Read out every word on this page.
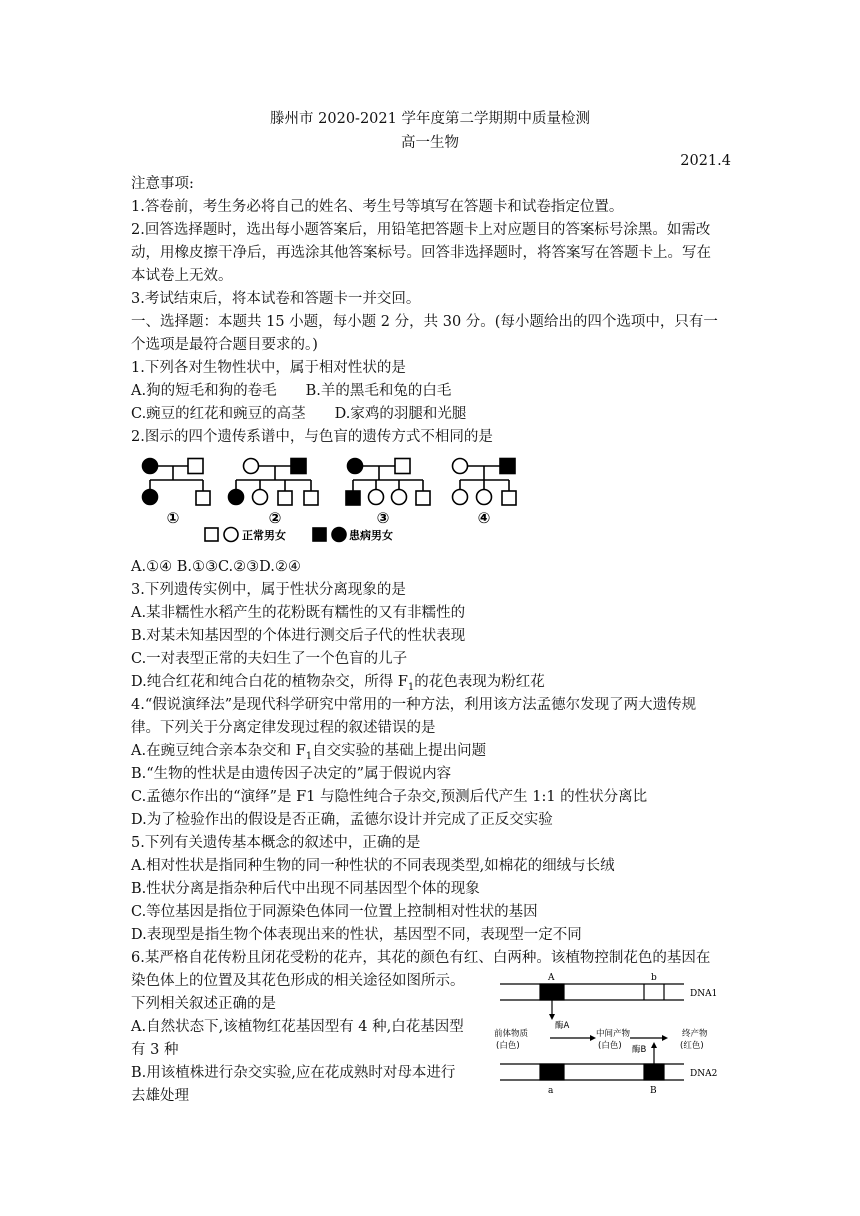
滕州市 2020-2021 学年度第二学期期中质量检测
高一生物
2021.4
注意事项:
1.答卷前，考生务必将自己的姓名、考生号等填写在答题卡和试卷指定位置。
2.回答选择题时，选出每小题答案后，用铅笔把答题卡上对应题目的答案标号涂黑。如需改
动，用橡皮擦干净后，再选涂其他答案标号。回答非选择题时，将答案写在答题卡上。写在
本试卷上无效。
3.考试结束后，将本试卷和答题卡一并交回。
一、选择题：本题共 15 小题，每小题 2 分，共 30 分。(每小题给出的四个选项中，只有一
个选项是最符合题目要求的。)
1.下列各对生物性状中，属于相对性状的是
A.狗的短毛和狗的卷毛　　B.羊的黑毛和兔的白毛
C.豌豆的红花和豌豆的高茎　　D.家鸡的羽腿和光腿
2.图示的四个遗传系谱中，与色盲的遗传方式不相同的是
①	②	③	④
正常男女	患病男女
A.①④ B.①③C.②③D.②④
3.下列遗传实例中，属于性状分离现象的是
A.某非糯性水稻产生的花粉既有糯性的又有非糯性的
B.对某未知基因型的个体进行测交后子代的性状表现
C.一对表型正常的夫妇生了一个色盲的儿子
D.纯合红花和纯合白花的植物杂交，所得 $F_1$的花色表现为粉红花
4.“假说演绎法”是现代科学研究中常用的一种方法，利用该方法孟德尔发现了两大遗传规
律。下列关于分离定律发现过程的叙述错误的是
A.在豌豆纯合亲本杂交和 $F_1$自交实验的基础上提出问题
B.“生物的性状是由遗传因子决定的”属于假说内容
C.孟德尔作出的“演绎”是 F1 与隐性纯合子杂交,预测后代产生 1:1 的性状分离比
D.为了检验作出的假设是否正确，孟德尔设计并完成了正反交实验
5.下列有关遗传基本概念的叙述中，正确的是
A.相对性状是指同种生物的同一种性状的不同表现类型,如棉花的细绒与长绒
B.性状分离是指杂种后代中出现不同基因型个体的现象
C.等位基因是指位于同源染色体同一位置上控制相对性状的基因
D.表现型是指生物个体表现出来的性状，基因型不同，表现型一定不同
6.某严格自花传粉且闭花受粉的花卉，其花的颜色有红、白两种。该植物控制花色的基因在
染色体上的位置及其花色形成的相关途径如图所示。
下列相关叙述正确的是
A.自然状态下,该植物红花基因型有 4 种,白花基因型
有 3 种
B.用该植株进行杂交实验,应在花成熟时对母本进行
去雄处理
A	b
DNA1
a	B
DNA2
酶A
酶B
前体物质
(白色)
中间产物
(白色)
终产物
(红色)
